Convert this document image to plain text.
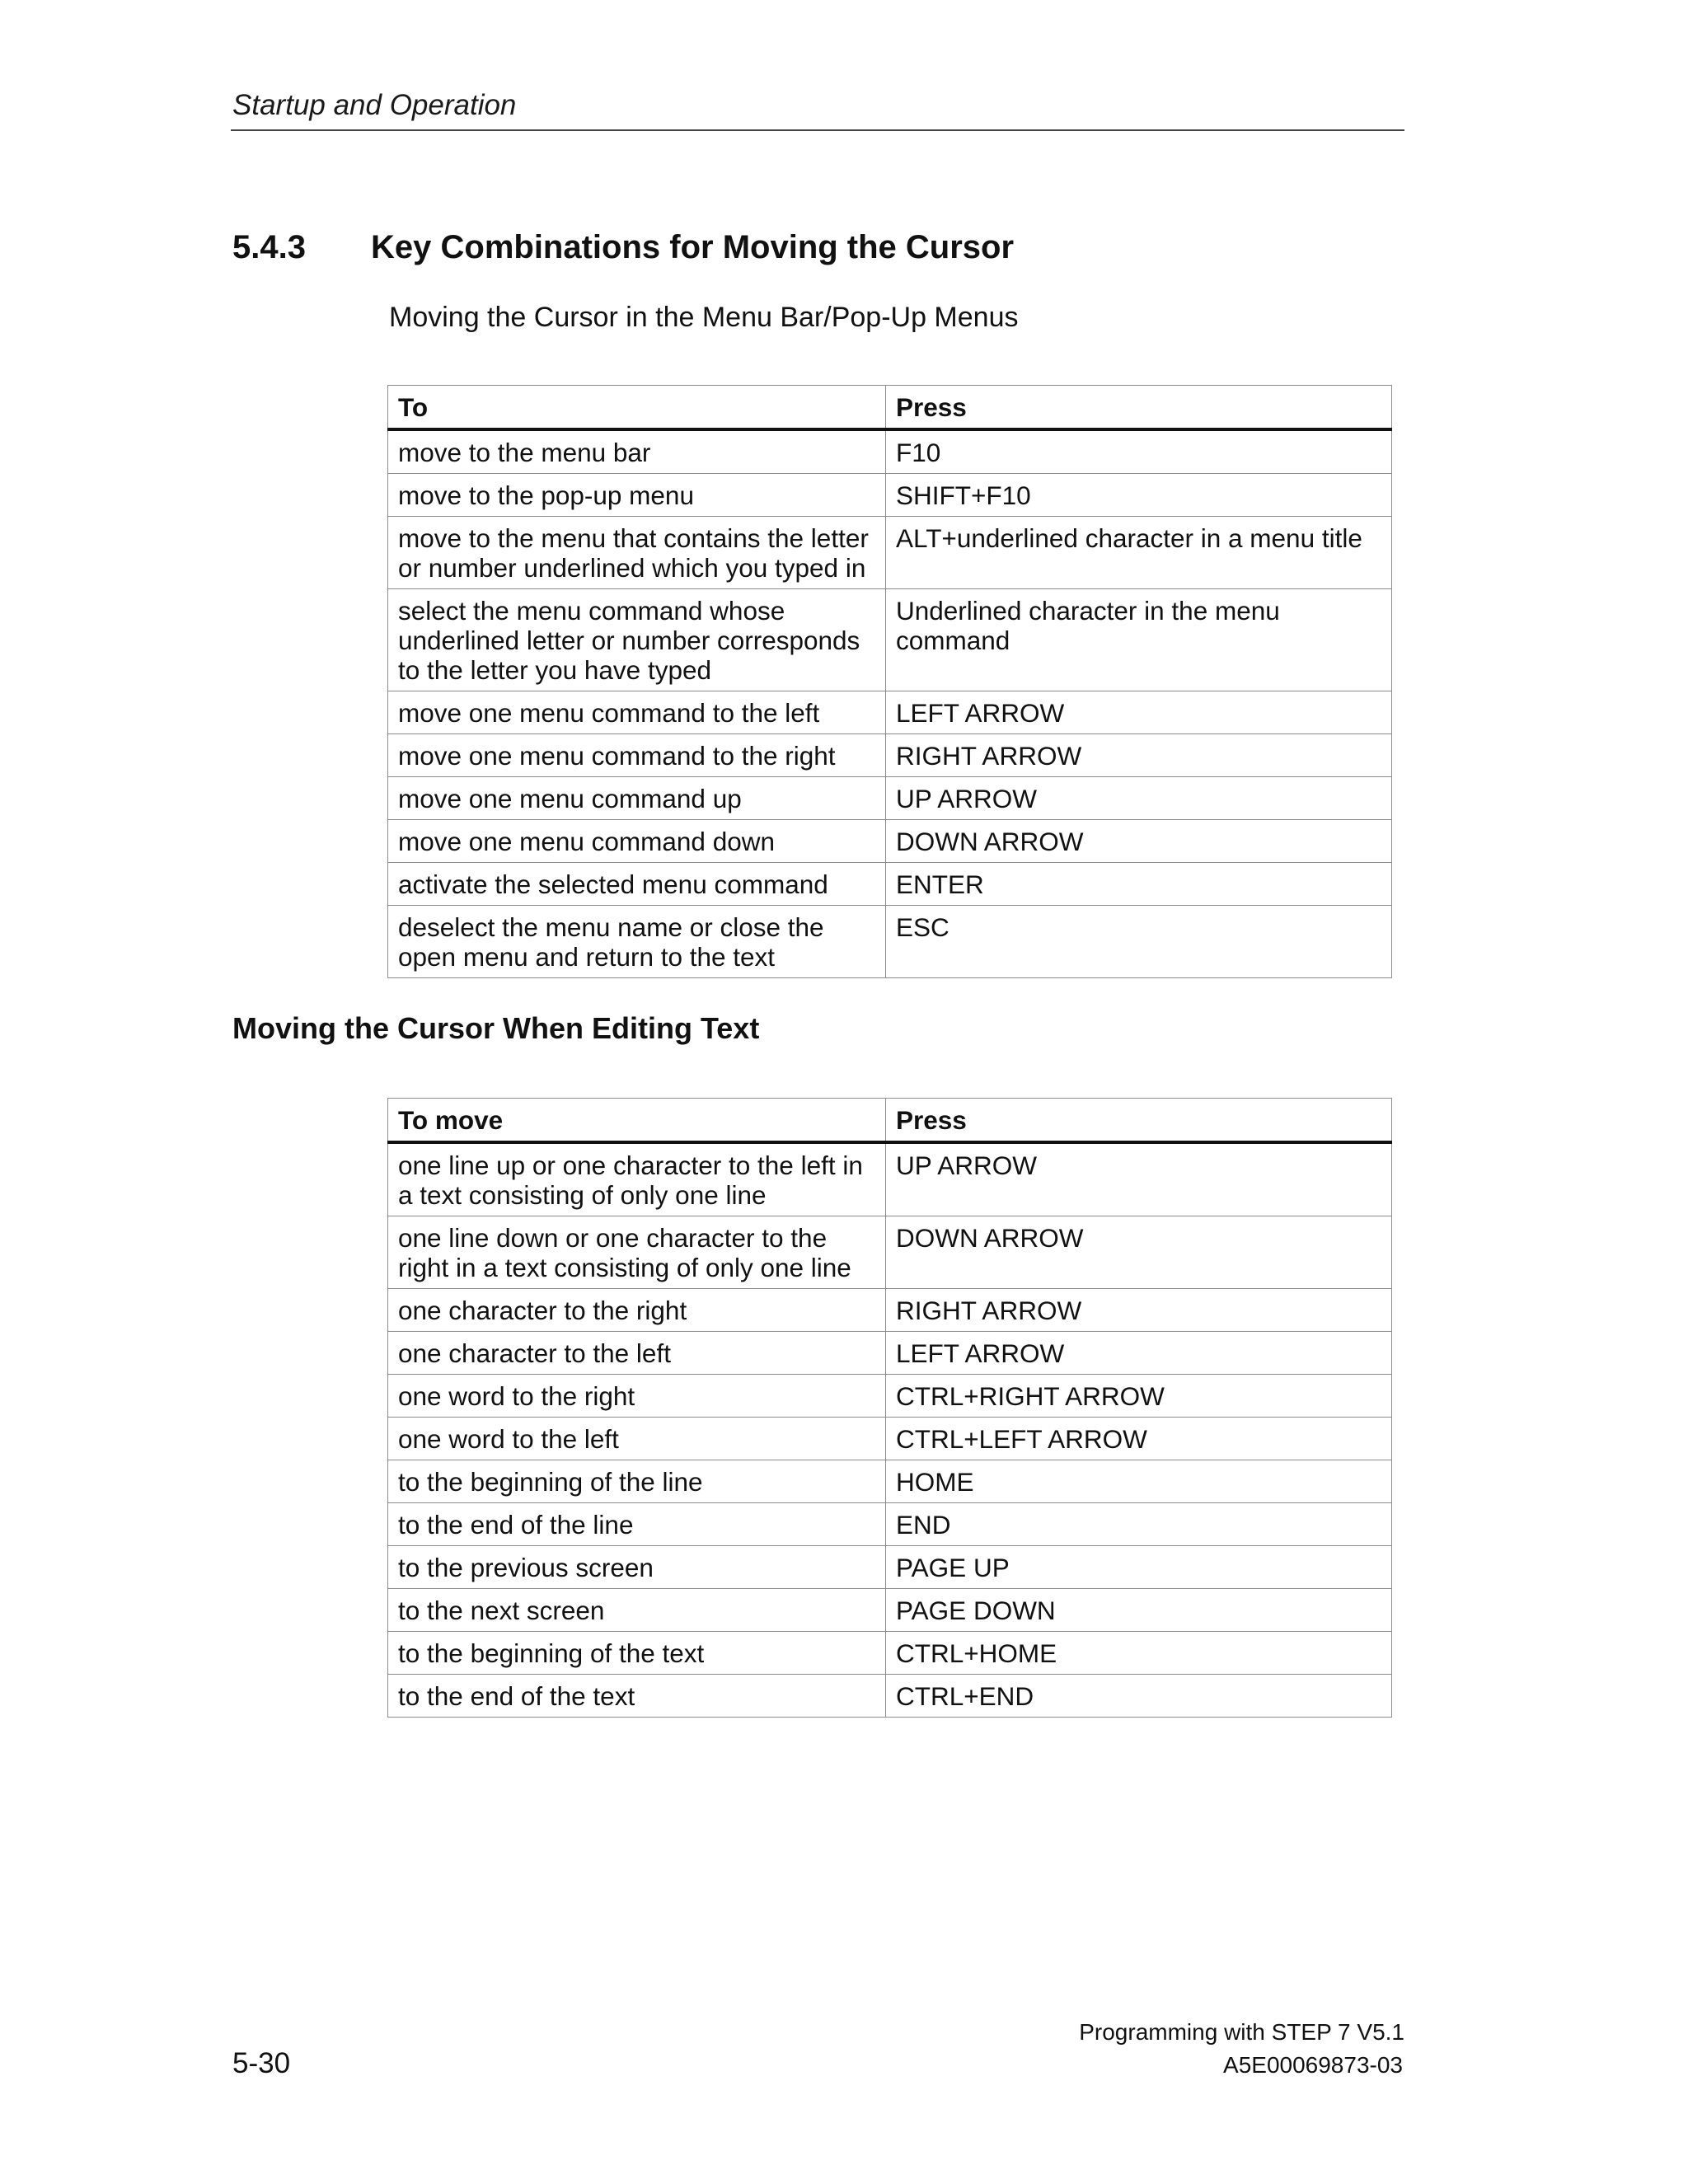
Startup and Operation
5.4.3 Key Combinations for Moving the Cursor
Moving the Cursor in the Menu Bar/Pop-Up Menus
To	Press
move to the menu bar	F10
move to the pop-up menu	SHIFT+F10
move to the menu that contains the letter or number underlined which you typed in	ALT+underlined character in a menu title
select the menu command whose underlined letter or number corresponds to the letter you have typed	Underlined character in the menu command
move one menu command to the left	LEFT ARROW
move one menu command to the right	RIGHT ARROW
move one menu command up	UP ARROW
move one menu command down	DOWN ARROW
activate the selected menu command	ENTER
deselect the menu name or close the open menu and return to the text	ESC
Moving the Cursor When Editing Text
To move	Press
one line up or one character to the left in a text consisting of only one line	UP ARROW
one line down or one character to the right in a text consisting of only one line	DOWN ARROW
one character to the right	RIGHT ARROW
one character to the left	LEFT ARROW
one word to the right	CTRL+RIGHT ARROW
one word to the left	CTRL+LEFT ARROW
to the beginning of the line	HOME
to the end of the line	END
to the previous screen	PAGE UP
to the next screen	PAGE DOWN
to the beginning of the text	CTRL+HOME
to the end of the text	CTRL+END
Programming with STEP 7 V5.1
A5E00069873-03
5-30
